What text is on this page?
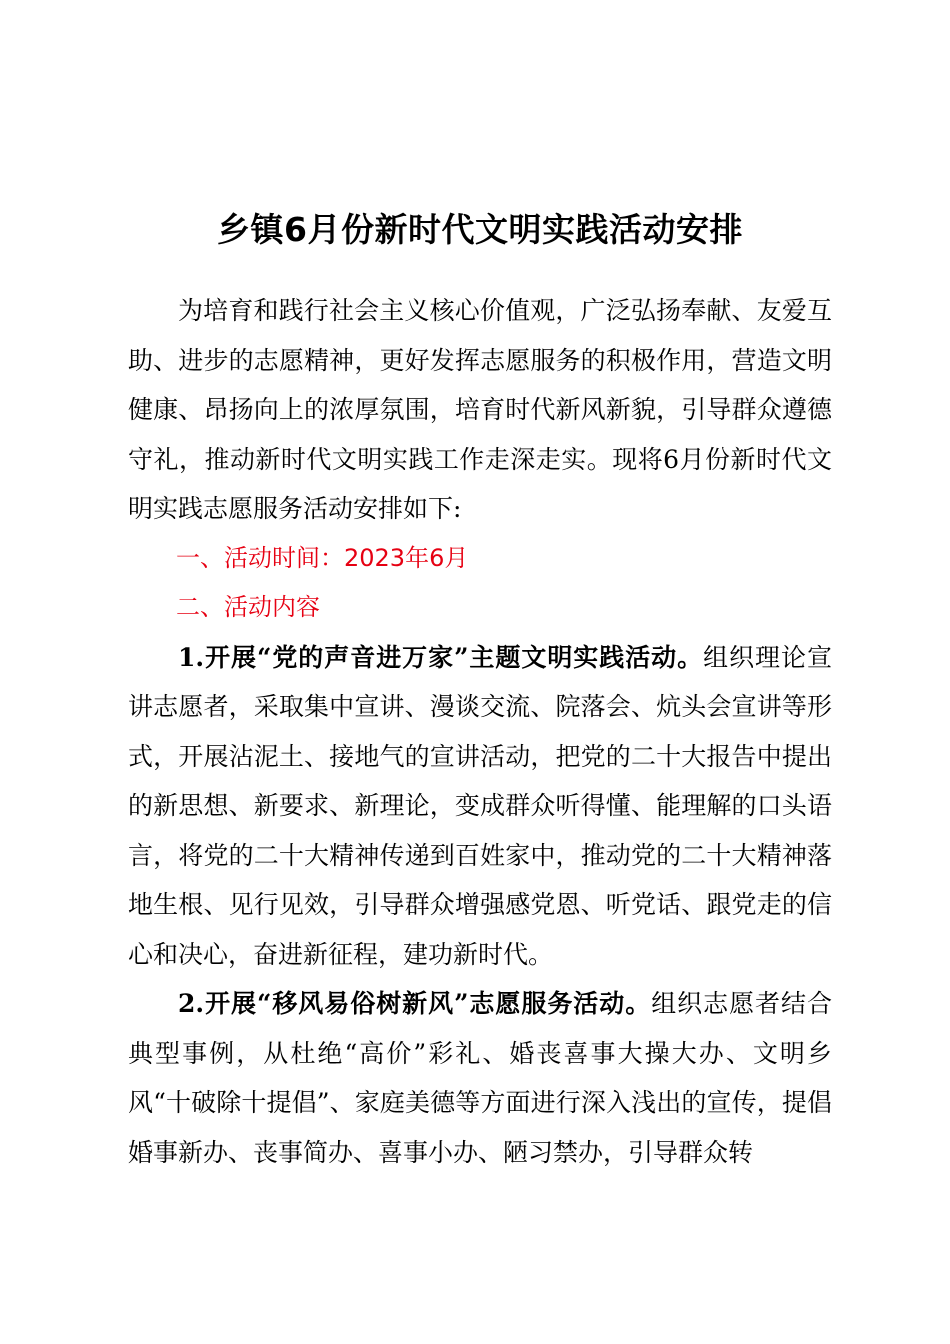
乡镇6月份新时代文明实践活动安排

为培育和践行社会主义核心价值观，广泛弘扬奉献、友爱互助、进步的志愿精神，更好发挥志愿服务的积极作用，营造文明健康、昂扬向上的浓厚氛围，培育时代新风新貌，引导群众遵德守礼，推动新时代文明实践工作走深走实。现将6月份新时代文明实践志愿服务活动安排如下:

一、活动时间：2023年6月

二、活动内容

1.开展“党的声音进万家”主题文明实践活动。组织理论宣讲志愿者，采取集中宣讲、漫谈交流、院落会、炕头会宣讲等形式，开展沾泥土、接地气的宣讲活动，把党的二十大报告中提出的新思想、新要求、新理论，变成群众听得懂、能理解的口头语言，将党的二十大精神传递到百姓家中，推动党的二十大精神落地生根、见行见效，引导群众增强感党恩、听党话、跟党走的信心和决心，奋进新征程，建功新时代。

2.开展“移风易俗树新风”志愿服务活动。组织志愿者结合典型事例，从杜绝“高价”彩礼、婚丧喜事大操大办、文明乡风“十破除十提倡”、家庭美德等方面进行深入浅出的宣传，提倡婚事新办、丧事简办、喜事小办、陋习禁办，引导群众转
